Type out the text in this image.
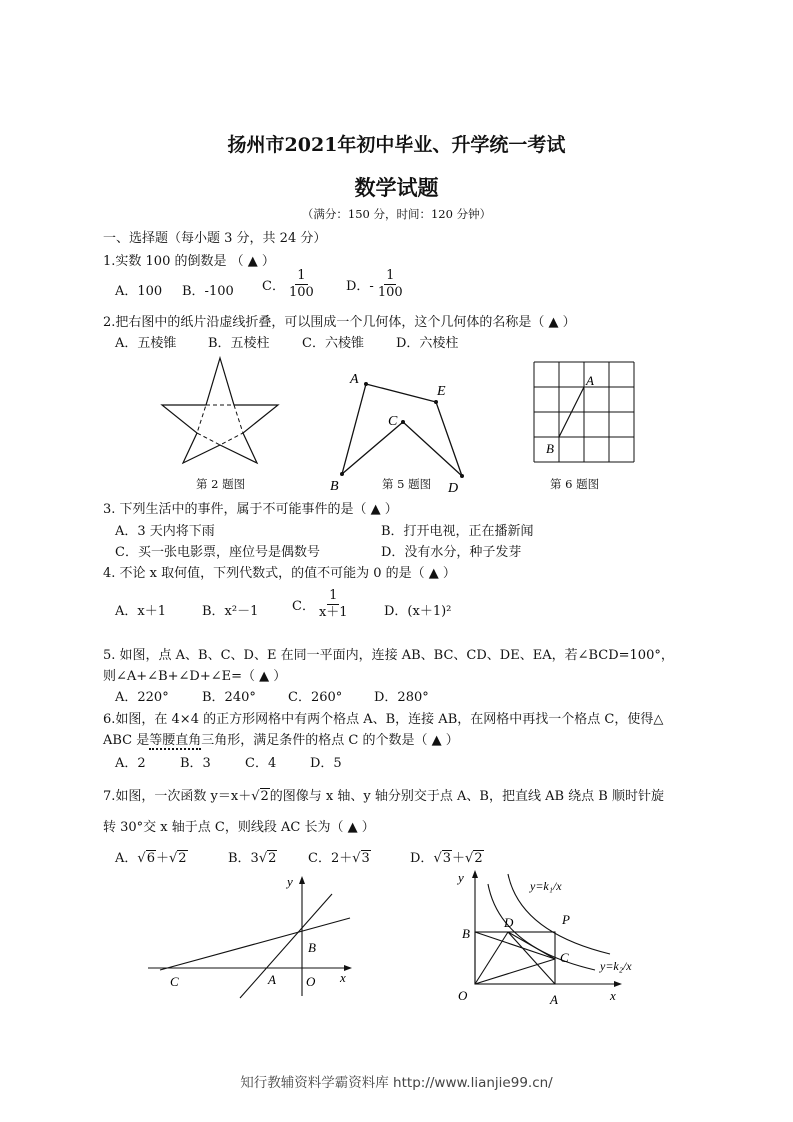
扬州市2021年初中毕业、升学统一考试
数学试题
（满分：150 分，时间：120 分钟）
一、选择题（每小题 3 分，共 24 分）
1.实数 100 的倒数是 （ ▲ ）
A．100 B．-100 C． $\frac{1}{100}$ D．- $\frac{1}{100}$
2.把右图中的纸片沿虚线折叠，可以围成一个几何体，这个几何体的名称是（ ▲ ）
A．五棱锥 B．五棱柱 C．六棱锥 D．六棱柱
第 2 题图
A
E
C
B	D
第 5 题图
A
B
第 6 题图
3. 下列生活中的事件，属于不可能事件的是（ ▲ ）
A．3 天内将下雨	B．打开电视，正在播新闻
C．买一张电影票，座位号是偶数号	D．没有水分，种子发芽
4. 不论 x 取何值，下列代数式，的值不可能为 0 的是（ ▲ ）
A．x＋1	B．x²－1	C． $\frac{1}{x+1}$	D．(x＋1)²
5. 如图，点 A、B、C、D、E 在同一平面内，连接 AB、BC、CD、DE、EA，若∠BCD=100°，
则∠A+∠B+∠D+∠E=（ ▲ ）
A．220°	B．240° C．260° D．280°
6.如图，在 4×4 的正方形网格中有两个格点 A、B，连接 AB，在网格中再找一个格点 C，使得△
ABC 是等腰直角三角形，满足条件的格点 C 的个数是（ ▲ ）
A．2	B．3	C．4	D．5
7.如图，一次函数 y＝x＋√2的图像与 x 轴、y 轴分别交于点 A、B，把直线 AB 绕点 B 顺时针旋
转 30°交 x 轴于点 C，则线段 AC 长为（ ▲ ）
A．√6＋√2	B．3√2 C．2＋√3	D．√3＋√2
y
x
B
C	A O
y
x
B
D	P
C
O	A
y=k₁/x
y=k₂/x
知行教辅资料学霸资料库 http://www.lianjie99.cn/
